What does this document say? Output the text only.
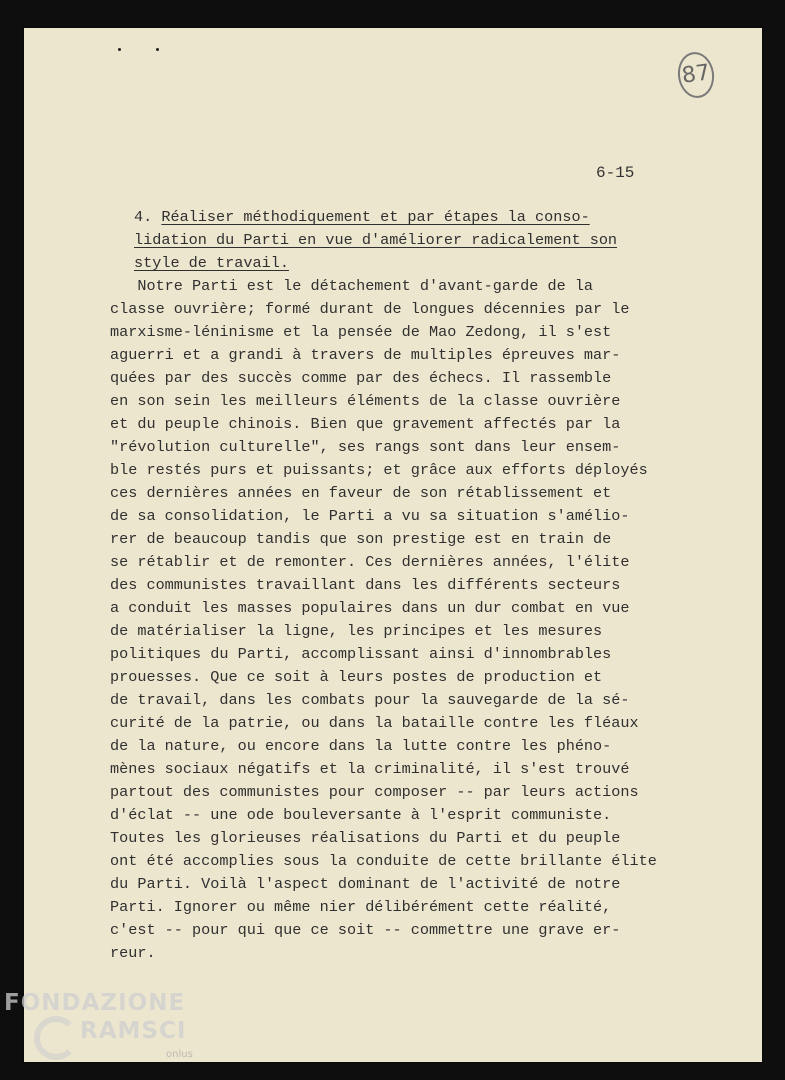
87
6-15
4. Réaliser méthodiquement et par étapes la conso-
lidation du Parti en vue d'améliorer radicalement son
style de travail.
Notre Parti est le détachement d'avant-garde de la
classe ouvrière; formé durant de longues décennies par le
marxisme-léninisme et la pensée de Mao Zedong, il s'est
aguerri et a grandi à travers de multiples épreuves mar-
quées par des succès comme par des échecs. Il rassemble
en son sein les meilleurs éléments de la classe ouvrière
et du peuple chinois. Bien que gravement affectés par la
"révolution culturelle", ses rangs sont dans leur ensem-
ble restés purs et puissants; et grâce aux efforts déployés
ces dernières années en faveur de son rétablissement et
de sa consolidation, le Parti a vu sa situation s'amélio-
rer de beaucoup tandis que son prestige est en train de
se rétablir et de remonter. Ces dernières années, l'élite
des communistes travaillant dans les différents secteurs
a conduit les masses populaires dans un dur combat en vue
de matérialiser la ligne, les principes et les mesures
politiques du Parti, accomplissant ainsi d'innombrables
prouesses. Que ce soit à leurs postes de production et
de travail, dans les combats pour la sauvegarde de la sé-
curité de la patrie, ou dans la bataille contre les fléaux
de la nature, ou encore dans la lutte contre les phéno-
mènes sociaux négatifs et la criminalité, il s'est trouvé
partout des communistes pour composer -- par leurs actions
d'éclat -- une ode bouleversante à l'esprit communiste.
Toutes les glorieuses réalisations du Parti et du peuple
ont été accomplies sous la conduite de cette brillante élite
du Parti. Voilà l'aspect dominant de l'activité de notre
Parti. Ignorer ou même nier délibérément cette réalité,
c'est -- pour qui que ce soit -- commettre une grave er-
reur.
FONDAZIONE
RAMSCI
onlus
